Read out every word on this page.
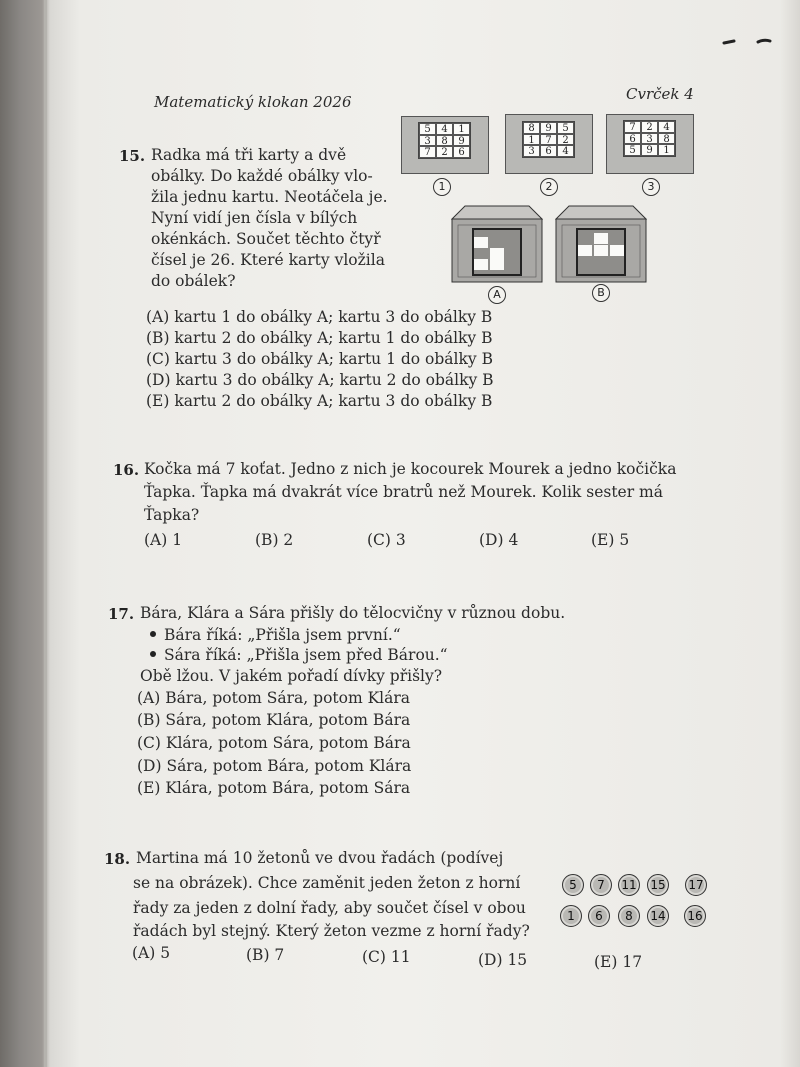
Matematický klokan 2026	Cvrček 4
15. Radka má tři karty a dvě
obálky. Do každé obálky vlo-
žila jednu kartu. Neotáčela je.
Nyní vidí jen čísla v bílých
okénkách. Součet těchto čtyř
čísel je 26. Které karty vložila
do obálek?
5	4	1
3	8	9
7	2	6
1
8	9	5
1	7	2
3	6	4
2
7	2	4
6	3	8
5	9	1
3
A	B
(A) kartu 1 do obálky A; kartu 3 do obálky B
(B) kartu 2 do obálky A; kartu 1 do obálky B
(C) kartu 3 do obálky A; kartu 1 do obálky B
(D) kartu 3 do obálky A; kartu 2 do obálky B
(E) kartu 2 do obálky A; kartu 3 do obálky B
16. Kočka má 7 koťat. Jedno z nich je kocourek Mourek a jedno kočička
Ťapka. Ťapka má dvakrát více bratrů než Mourek. Kolik sester má
Ťapka?
(A) 1	(B) 2	(C) 3	(D) 4	(E) 5
17. Bára, Klára a Sára přišly do tělocvičny v různou dobu.
Bára říká: „Přišla jsem první.“
Sára říká: „Přišla jsem před Bárou.“
Obě lžou. V jakém pořadí dívky přišly?
(A) Bára, potom Sára, potom Klára
(B) Sára, potom Klára, potom Bára
(C) Klára, potom Sára, potom Bára
(D) Sára, potom Bára, potom Klára
(E) Klára, potom Bára, potom Sára
18. Martina má 10 žetonů ve dvou řadách (podívej
se na obrázek). Chce zaměnit jeden žeton z horní
řady za jeden z dolní řady, aby součet čísel v obou
řadách byl stejný. Který žeton vezme z horní řady?
5	7	11 15 17
1	6	8	14 16
(A) 5	(B) 7	(C) 11	(D) 15	(E) 17
